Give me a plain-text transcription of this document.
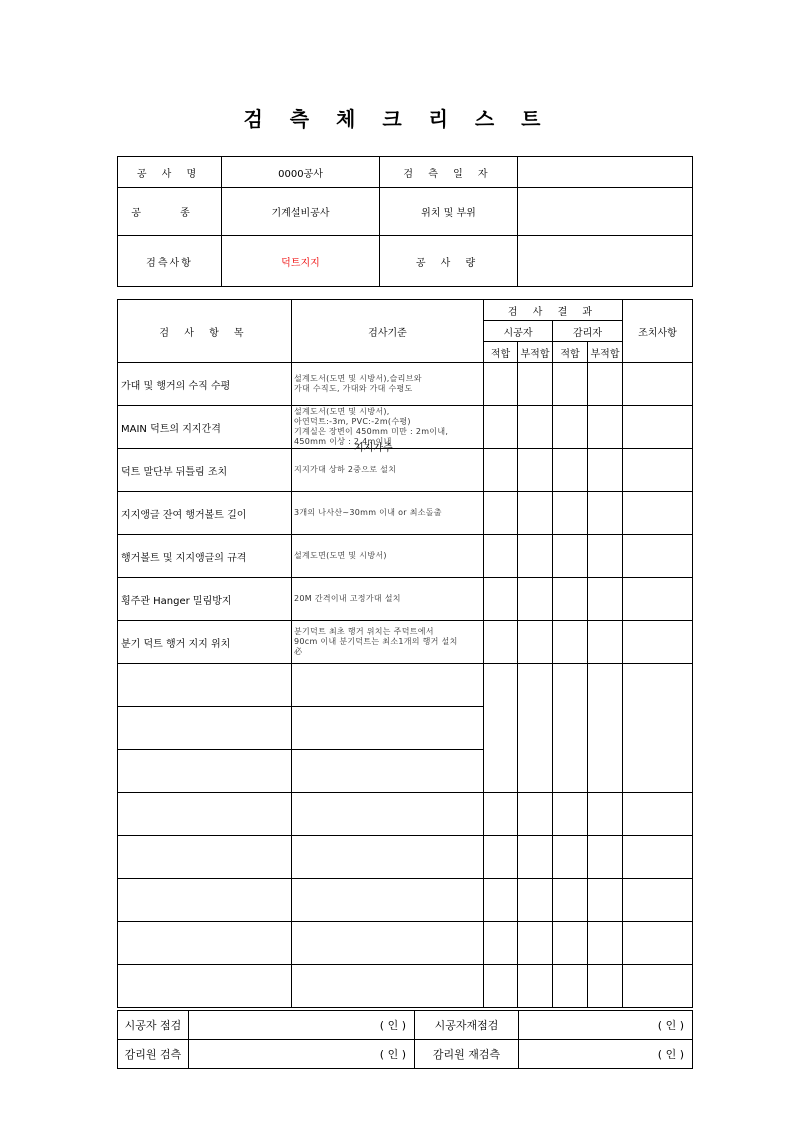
검 측 체 크 리 스 트
공 사 명	0000공사	검 측 일 자	
공 종	기계설비공사	위치 및 부위	
검측사항	덕트지지	공 사 량	
검 사 항 목	검사기준	검 사 결 과				조치사항
		시공자		감리자		
		적합	부적합	적합	부적합	
가대 및 행거의 수직 수평	설계도서(도면 및 시방서),슬리브와
가대 수직도, 가대와 가대 수평도					
MAIN 덕트의 지지간격	설계도서(도면 및 시방서),
아연덕트:-3m, PVC:-2m(수평)
기계실은 장변이 450mm 미만 : 2m이내,
450mm 이상 : 2.4m이내					
덕트 말단부 뒤틀림 조치	지지가대 상하 2중으로 설치					
지지앵글 잔여 행거볼트 길이	3개의 나사산~30mm 이내 or 최소돌출					
행거볼트 및 지지앵글의 규격	설계도면(도면 및 시방서)					
횡주관 Hanger 밀림방지	20M 간격이내 고정가대 설치					
분기 덕트 행거 지지 위치	분기덕트 최초 행거 위치는 주덕트에서
90cm 이내 분기덕트는 최소1개의 행거 설치
必					

지지가주
시공자 점검	( 인 )	시공자재점검	( 인 )
감리원 검측	( 인 )	감리원 재검측	( 인 )
